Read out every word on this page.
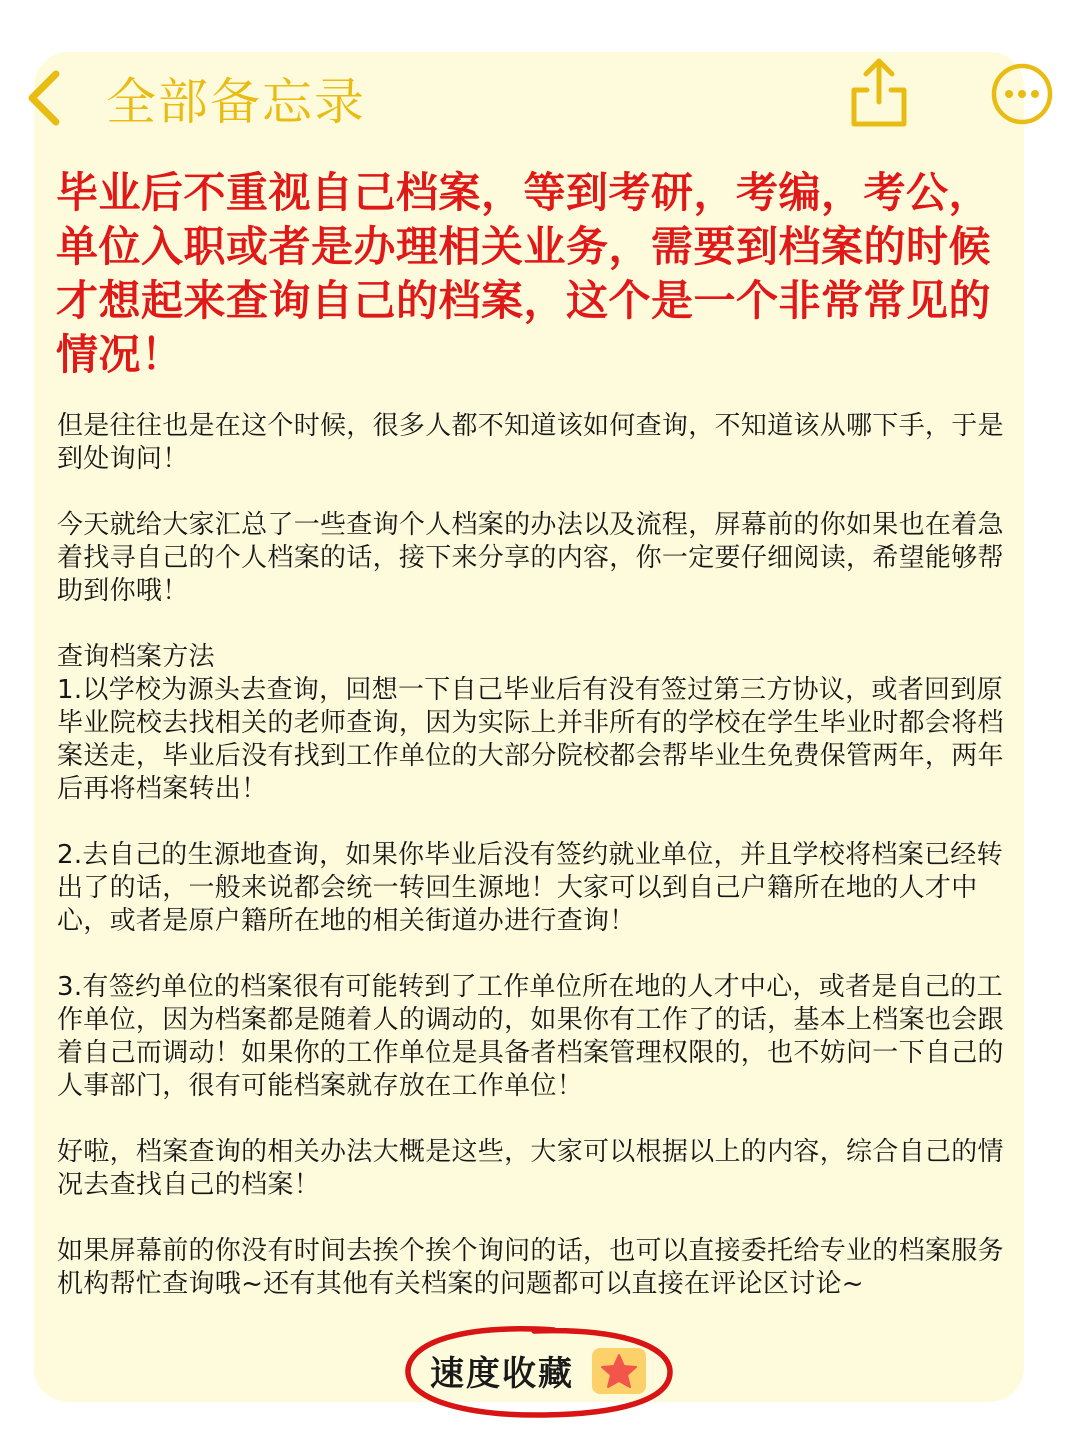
全部备忘录
毕业后不重视自己档案，等到考研，考编，考公，单位入职或者是办理相关业务，需要到档案的时候才想起来查询自己的档案，这个是一个非常常见的情况！

但是往往也是在这个时候，很多人都不知道该如何查询，不知道该从哪下手，于是到处询问！

今天就给大家汇总了一些查询个人档案的办法以及流程，屏幕前的你如果也在着急着找寻自己的个人档案的话，接下来分享的内容，你一定要仔细阅读，希望能够帮助到你哦！

查询档案方法

1.以学校为源头去查询，回想一下自己毕业后有没有签过第三方协议，或者回到原毕业院校去找相关的老师查询，因为实际上并非所有的学校在学生毕业时都会将档案送走，毕业后没有找到工作单位的大部分院校都会帮毕业生免费保管两年，两年后再将档案转出！

2.去自己的生源地查询，如果你毕业后没有签约就业单位，并且学校将档案已经转出了的话，一般来说都会统一转回生源地！大家可以到自己户籍所在地的人才中心，或者是原户籍所在地的相关街道办进行查询！

3.有签约单位的档案很有可能转到了工作单位所在地的人才中心，或者是自己的工作单位，因为档案都是随着人的调动的，如果你有工作了的话，基本上档案也会跟着自己而调动！如果你的工作单位是具备者档案管理权限的，也不妨问一下自己的人事部门，很有可能档案就存放在工作单位！

好啦，档案查询的相关办法大概是这些，大家可以根据以上的内容，综合自己的情况去查找自己的档案！

如果屏幕前的你没有时间去挨个挨个询问的话，也可以直接委托给专业的档案服务机构帮忙查询哦~还有其他有关档案的问题都可以直接在评论区讨论~

速度收藏
